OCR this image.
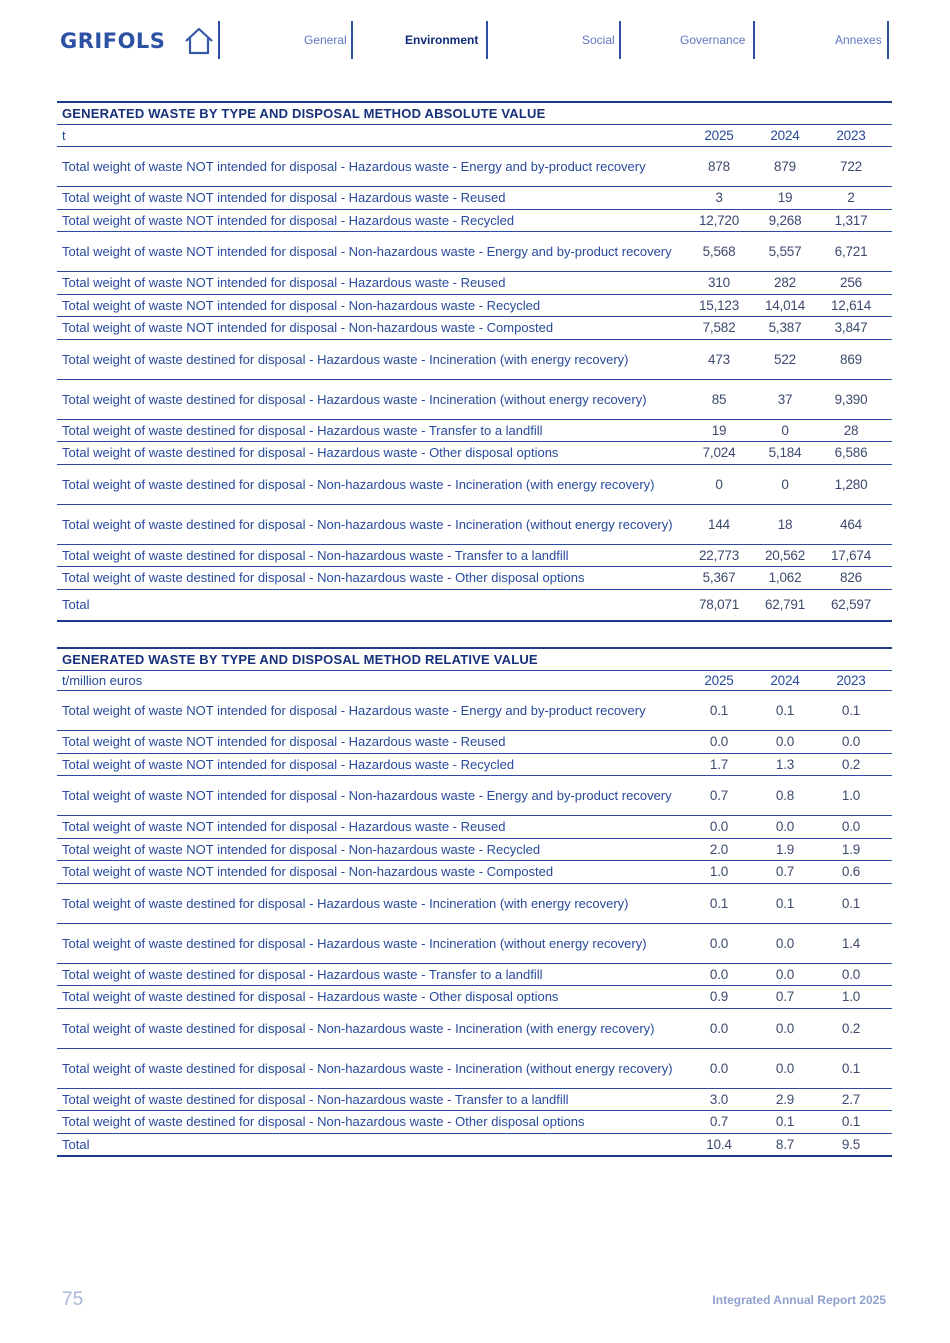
GRIFOLS	General	Environment	Social	Governance	Annexes
GENERATED WASTE BY TYPE AND DISPOSAL METHOD ABSOLUTE VALUE
t	2025	2024	2023
Total weight of waste NOT intended for disposal - Hazardous waste - Energy and by-product recovery	878	879	722
Total weight of waste NOT intended for disposal - Hazardous waste - Reused	3	19	2
Total weight of waste NOT intended for disposal - Hazardous waste - Recycled	12,720	9,268	1,317
Total weight of waste NOT intended for disposal - Non-hazardous waste - Energy and by-product recovery	5,568	5,557	6,721
Total weight of waste NOT intended for disposal - Hazardous waste - Reused	310	282	256
Total weight of waste NOT intended for disposal - Non-hazardous waste - Recycled	15,123	14,014	12,614
Total weight of waste NOT intended for disposal - Non-hazardous waste - Composted	7,582	5,387	3,847
Total weight of waste destined for disposal - Hazardous waste - Incineration (with energy recovery)	473	522	869
Total weight of waste destined for disposal - Hazardous waste - Incineration (without energy recovery)	85	37	9,390
Total weight of waste destined for disposal - Hazardous waste - Transfer to a landfill	19	0	28
Total weight of waste destined for disposal - Hazardous waste - Other disposal options	7,024	5,184	6,586
Total weight of waste destined for disposal - Non-hazardous waste - Incineration (with energy recovery)	0	0	1,280
Total weight of waste destined for disposal - Non-hazardous waste - Incineration (without energy recovery)	144	18	464
Total weight of waste destined for disposal - Non-hazardous waste - Transfer to a landfill	22,773	20,562	17,674
Total weight of waste destined for disposal - Non-hazardous waste - Other disposal options	5,367	1,062	826
Total	78,071	62,791	62,597
GENERATED WASTE BY TYPE AND DISPOSAL METHOD RELATIVE VALUE
t/million euros	2025	2024	2023
Total weight of waste NOT intended for disposal - Hazardous waste - Energy and by-product recovery	0.1	0.1	0.1
Total weight of waste NOT intended for disposal - Hazardous waste - Reused	0.0	0.0	0.0
Total weight of waste NOT intended for disposal - Hazardous waste - Recycled	1.7	1.3	0.2
Total weight of waste NOT intended for disposal - Non-hazardous waste - Energy and by-product recovery	0.7	0.8	1.0
Total weight of waste NOT intended for disposal - Hazardous waste - Reused	0.0	0.0	0.0
Total weight of waste NOT intended for disposal - Non-hazardous waste - Recycled	2.0	1.9	1.9
Total weight of waste NOT intended for disposal - Non-hazardous waste - Composted	1.0	0.7	0.6
Total weight of waste destined for disposal - Hazardous waste - Incineration (with energy recovery)	0.1	0.1	0.1
Total weight of waste destined for disposal - Hazardous waste - Incineration (without energy recovery)	0.0	0.0	1.4
Total weight of waste destined for disposal - Hazardous waste - Transfer to a landfill	0.0	0.0	0.0
Total weight of waste destined for disposal - Hazardous waste - Other disposal options	0.9	0.7	1.0
Total weight of waste destined for disposal - Non-hazardous waste - Incineration (with energy recovery)	0.0	0.0	0.2
Total weight of waste destined for disposal - Non-hazardous waste - Incineration (without energy recovery)	0.0	0.0	0.1
Total weight of waste destined for disposal - Non-hazardous waste - Transfer to a landfill	3.0	2.9	2.7
Total weight of waste destined for disposal - Non-hazardous waste - Other disposal options	0.7	0.1	0.1
Total	10.4	8.7	9.5
75	Integrated Annual Report 2025
